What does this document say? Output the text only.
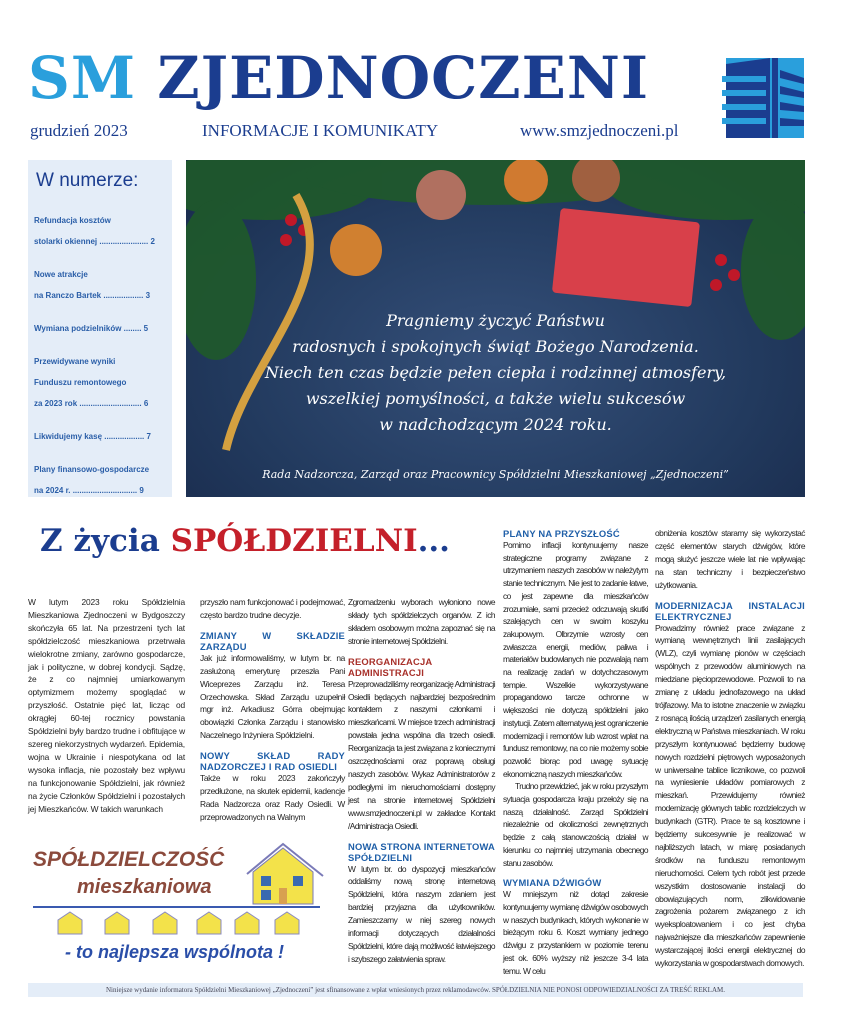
SM ZJEDNOCZENI
grudzień 2023	INFORMACJE I KOMUNIKATY	www.smzjednoczeni.pl
W numerze:
Refundacja kosztów
stolarki okiennej ...................... 2
Nowe atrakcje
na Ranczo Bartek .................. 3
Wymiana podzielników ........ 5
Przewidywane wyniki
Funduszu remontowego
za 2023 rok ............................ 6
Likwidujemy kasę .................. 7
Plany finansowo-gospodarcze
na 2024 r. ............................. 9
Pragniemy życzyć Państwu
radosnych i spokojnych świąt Bożego Narodzenia.
Niech ten czas będzie pełen ciepła i rodzinnej atmosfery,
wszelkiej pomyślności, a także wielu sukcesów
w nadchodzącym 2024 roku.
Rada Nadzorcza, Zarząd oraz Pracownicy Spółdzielni Mieszkaniowej „Zjednoczeni”
Z życia SPÓŁDZIELNI...

W lutym 2023 roku Spółdzielnia Mieszkaniowa Zjednoczeni w Bydgoszczy skończyła 65 lat. Na przestrzeni tych lat spółdzielczość mieszkaniowa przetrwała wielokrotne zmiany, zarówno gospodarcze, jak i polityczne, w dobrej kondycji. Sądzę, że z co najmniej umiarkowanym optymizmem możemy spoglądać w przyszłość. Ostatnie pięć lat, licząc od okrągłej 60-tej rocznicy powstania Spółdzielni były bardzo trudne i obfitujące w szereg niekorzystnych wydarzeń. Epidemia, wojna w Ukrainie i niespotykana od lat wysoka inflacja, nie pozostały bez wpływu na funkcjonowanie Spółdzielni, jak również na życie Członków Spółdzielni i pozostałych jej Mieszkańców. W takich warunkach

przyszło nam funkcjonować i podejmować, często bardzo trudne decyzje.

ZMIANY W SKŁADZIE ZARZĄDU

Jak już informowaliśmy, w lutym br. na zasłużoną emeryturę przeszła Pani Wiceprezes Zarządu inż. Teresa Orzechowska. Skład Zarządu uzupełnił mgr inż. Arkadiusz Górra obejmując obowiązki Członka Zarządu i stanowisko Naczelnego Inżyniera Spółdzielni.

NOWY SKŁAD RADY NADZORCZEJ I RAD OSIEDLI

Także w roku 2023 zakończyły przedłużone, na skutek epidemii, kadencje Rada Nadzorcza oraz Rady Osiedli. W przeprowadzonych na Walnym

Zgromadzeniu wyborach wyłoniono nowe składy tych spółdzielczych organów. Z ich składem osobowym można zapoznać się na stronie internetowej Spółdzielni.

REORGANIZACJA ADMINISTRACJI

Przeprowadziliśmy reorganizację Administracji Osiedli będących najbardziej bezpośrednim kontaktem z naszymi członkami i mieszkańcami. W miejsce trzech administracji powstała jedna wspólna dla trzech osiedli. Reorganizacja ta jest związana z koniecznymi oszczędnościami oraz poprawą obsługi naszych zasobów. Wykaz Administratorów z podległymi im nieruchomościami dostępny jest na stronie internetowej Spółdzielni www.smzjednoczeni.pl w zakładce Kontakt /Administracja Osiedli.

NOWA STRONA INTERNETOWA SPÓŁDZIELNI

W lutym br. do dyspozycji mieszkańców oddaliśmy nową stronę internetową Spółdzielni, która naszym zdaniem jest bardziej przyjazna dla użytkowników. Zamieszczamy w niej szereg nowych informacji dotyczących działalności Spółdzielni, które dają możliwość łatwiejszego i szybszego załatwienia spraw.

PLANY NA PRZYSZŁOŚĆ

Pomimo inflacji kontynuujemy nasze strategiczne programy związane z utrzymaniem naszych zasobów w należytym stanie technicznym. Nie jest to zadanie łatwe, co jest zapewne dla mieszkańców zrozumiałe, sami przecież odczuwają skutki szalejących cen w swoim koszyku zakupowym. Olbrzymie wzrosty cen zwłaszcza energii, mediów, paliwa i materiałów budowlanych nie pozwalają nam na realizację zadań w dotychczasowym tempie. Wszelkie wykorzystywane propagandowo tarcze ochronne w większości nie dotyczą spółdzielni jako instytucji. Zatem alternatywą jest ograniczenie modernizacji i remontów lub wzrost wpłat na fundusz remontowy, na co nie możemy sobie pozwolić biorąc pod uwagę sytuację ekonomiczną naszych mieszkańców.

Trudno przewidzieć, jak w roku przyszłym sytuacja gospodarcza kraju przełoży się na naszą działalność. Zarząd Spółdzielni niezależnie od okoliczności zewnętrznych będzie z całą stanowczością działał w kierunku co najmniej utrzymania obecnego stanu zasobów.

WYMIANA DŹWIGÓW

W mniejszym niż dotąd zakresie kontynuujemy wymianę dźwigów osobowych w naszych budynkach, których wykonanie w bieżącym roku 6. Koszt wymiany jednego dźwigu z przystankiem w poziomie terenu jest ok. 60% wyższy niż jeszcze 3-4 lata temu. W celu

obniżenia kosztów staramy się wykorzystać część elementów starych dźwigów, które mogą służyć jeszcze wiele lat nie wpływając na stan techniczny i bezpieczeństwo użytkowania.

MODERNIZACJA INSTALACJI ELEKTRYCZNEJ

Prowadzimy również prace związane z wymianą wewnętrznych linii zasilających (WLZ), czyli wymianę pionów w częściach wspólnych z przewodów aluminiowych na miedziane pięcioprzewodowe. Pozwoli to na zmianę z układu jednofazowego na układ trójfazowy. Ma to istotne znaczenie w związku z rosnącą ilością urządzeń zasilanych energią elektryczną w Państwa mieszkaniach. W roku przyszłym kontynuować będziemy budowę nowych rozdzielni piętrowych wyposażonych w uniwersalne tablice licznikowe, co pozwoli na wyniesienie układów pomiarowych z mieszkań. Przewidujemy również modernizację głównych tablic rozdzielczych w budynkach (GTR). Prace te są kosztowne i będziemy sukcesywnie je realizować w najbliższych latach, w miarę posiadanych środków na funduszu remontowym nieruchomości. Celem tych robót jest przede wszystkim dostosowanie instalacji do obowiązujących norm, zlikwidowanie zagrożenia pożarem związanego z ich wyeksploatowaniem i co jest chyba najważniejsze dla mieszkańców zapewnienie wystarczającej ilości energii elektrycznej do wykorzystania w gospodarstwach domowych.

SPÓŁDZIELCZOŚĆ
mieszkaniowa
- to najlepsza wspólnota !
Niniejsze wydanie informatora Spółdzielni Mieszkaniowej „Zjednoczeni” jest sfinansowane z wpłat wniesionych przez reklamodawców. SPÓŁDZIELNIA NIE PONOSI ODPOWIEDZIALNOŚCI ZA TREŚĆ REKLAM.
